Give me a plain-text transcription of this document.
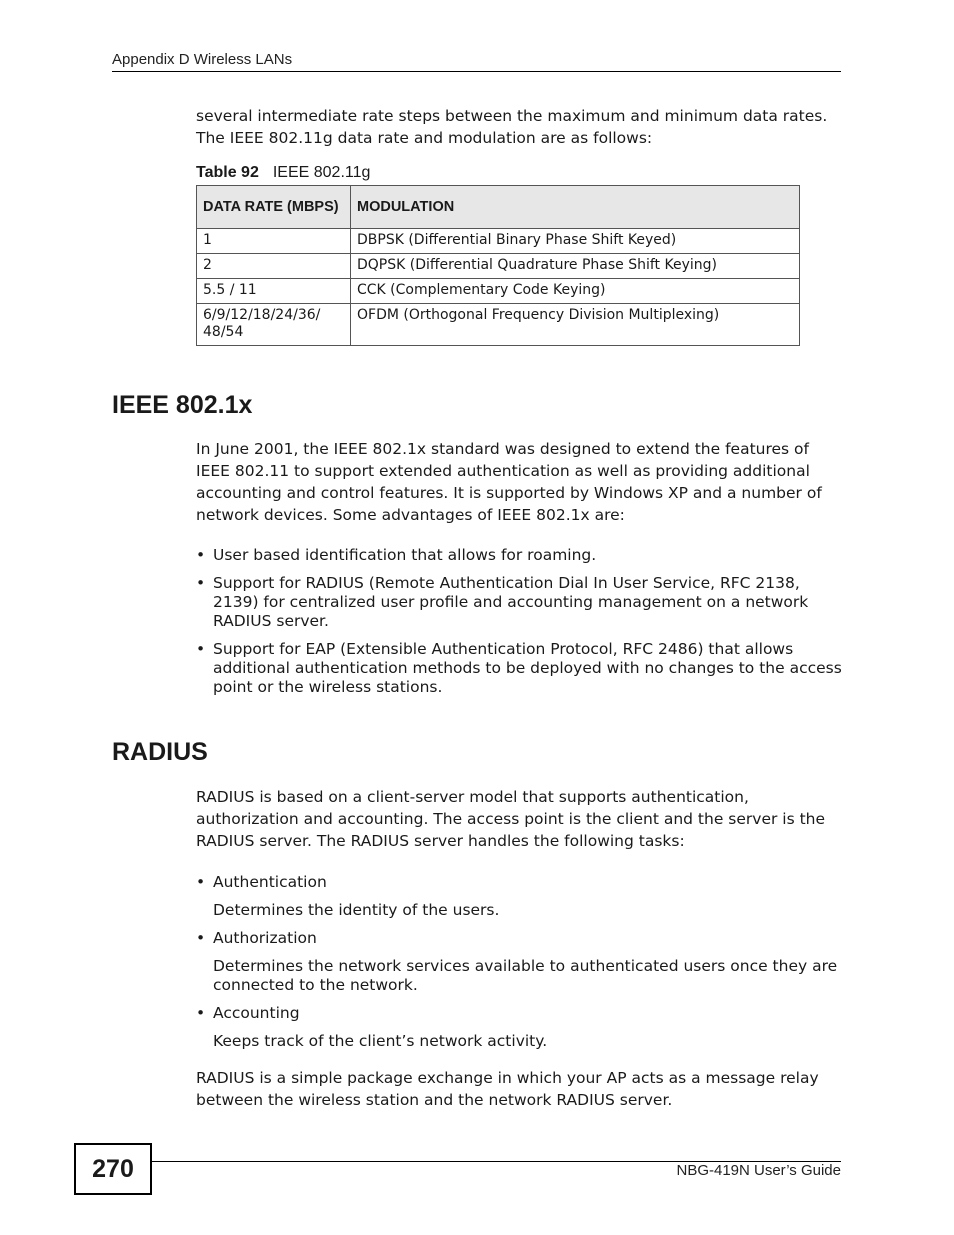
Appendix D Wireless LANs

several intermediate rate steps between the maximum and minimum data rates. The IEEE 802.11g data rate and modulation are as follows:

Table 92 IEEE 802.11g
DATA RATE (MBPS)	MODULATION
1	DBPSK (Differential Binary Phase Shift Keyed)
2	DQPSK (Differential Quadrature Phase Shift Keying)
5.5 / 11	CCK (Complementary Code Keying)
6/9/12/18/24/36/ 48/54	OFDM (Orthogonal Frequency Division Multiplexing)
IEEE 802.1x

In June 2001, the IEEE 802.1x standard was designed to extend the features of IEEE 802.11 to support extended authentication as well as providing additional accounting and control features. It is supported by Windows XP and a number of network devices. Some advantages of IEEE 802.1x are:

• User based identification that allows for roaming.
• Support for RADIUS (Remote Authentication Dial In User Service, RFC 2138, 2139) for centralized user profile and accounting management on a network RADIUS server.
• Support for EAP (Extensible Authentication Protocol, RFC 2486) that allows additional authentication methods to be deployed with no changes to the access point or the wireless stations.
RADIUS

RADIUS is based on a client-server model that supports authentication, authorization and accounting. The access point is the client and the server is the RADIUS server. The RADIUS server handles the following tasks:

• Authentication

Determines the identity of the users.

• Authorization

Determines the network services available to authenticated users once they are connected to the network.

• Accounting

Keeps track of the client’s network activity.

RADIUS is a simple package exchange in which your AP acts as a message relay between the wireless station and the network RADIUS server.

270	NBG-419N User’s Guide
